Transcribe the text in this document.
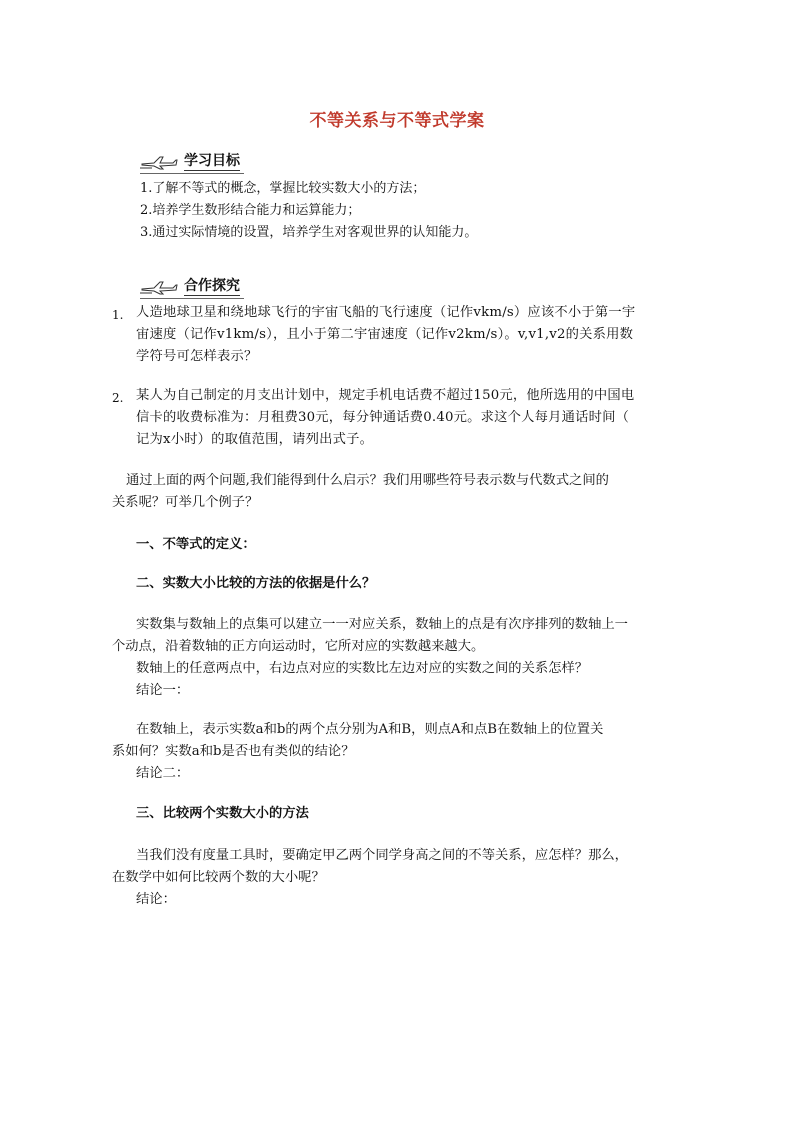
不等关系与不等式学案
学习目标
1.了解不等式的概念，掌握比较实数大小的方法；
2.培养学生数形结合能力和运算能力；
3.通过实际情境的设置，培养学生对客观世界的认知能力。
合作探究
1. 人造地球卫星和绕地球飞行的宇宙飞船的飞行速度（记作vkm/s）应该不小于第一宇
宙速度（记作v1km/s），且小于第二宇宙速度（记作v2km/s）。v,v1,v2的关系用数
学符号可怎样表示？
2. 某人为自己制定的月支出计划中，规定手机电话费不超过150元，他所选用的中国电
信卡的收费标准为：月租费30元，每分钟通话费0.40元。求这个人每月通话时间（
记为x小时）的取值范围，请列出式子。
通过上面的两个问题,我们能得到什么启示？我们用哪些符号表示数与代数式之间的
关系呢？可举几个例子？
一、不等式的定义：
二、实数大小比较的方法的依据是什么？
实数集与数轴上的点集可以建立一一对应关系，数轴上的点是有次序排列的数轴上一
个动点，沿着数轴的正方向运动时，它所对应的实数越来越大。
数轴上的任意两点中，右边点对应的实数比左边对应的实数之间的关系怎样？
结论一：
在数轴上，表示实数a和b的两个点分别为A和B，则点A和点B在数轴上的位置关
系如何？实数a和b是否也有类似的结论？
结论二：
三、比较两个实数大小的方法
当我们没有度量工具时，要确定甲乙两个同学身高之间的不等关系，应怎样？那么，
在数学中如何比较两个数的大小呢？
结论：
